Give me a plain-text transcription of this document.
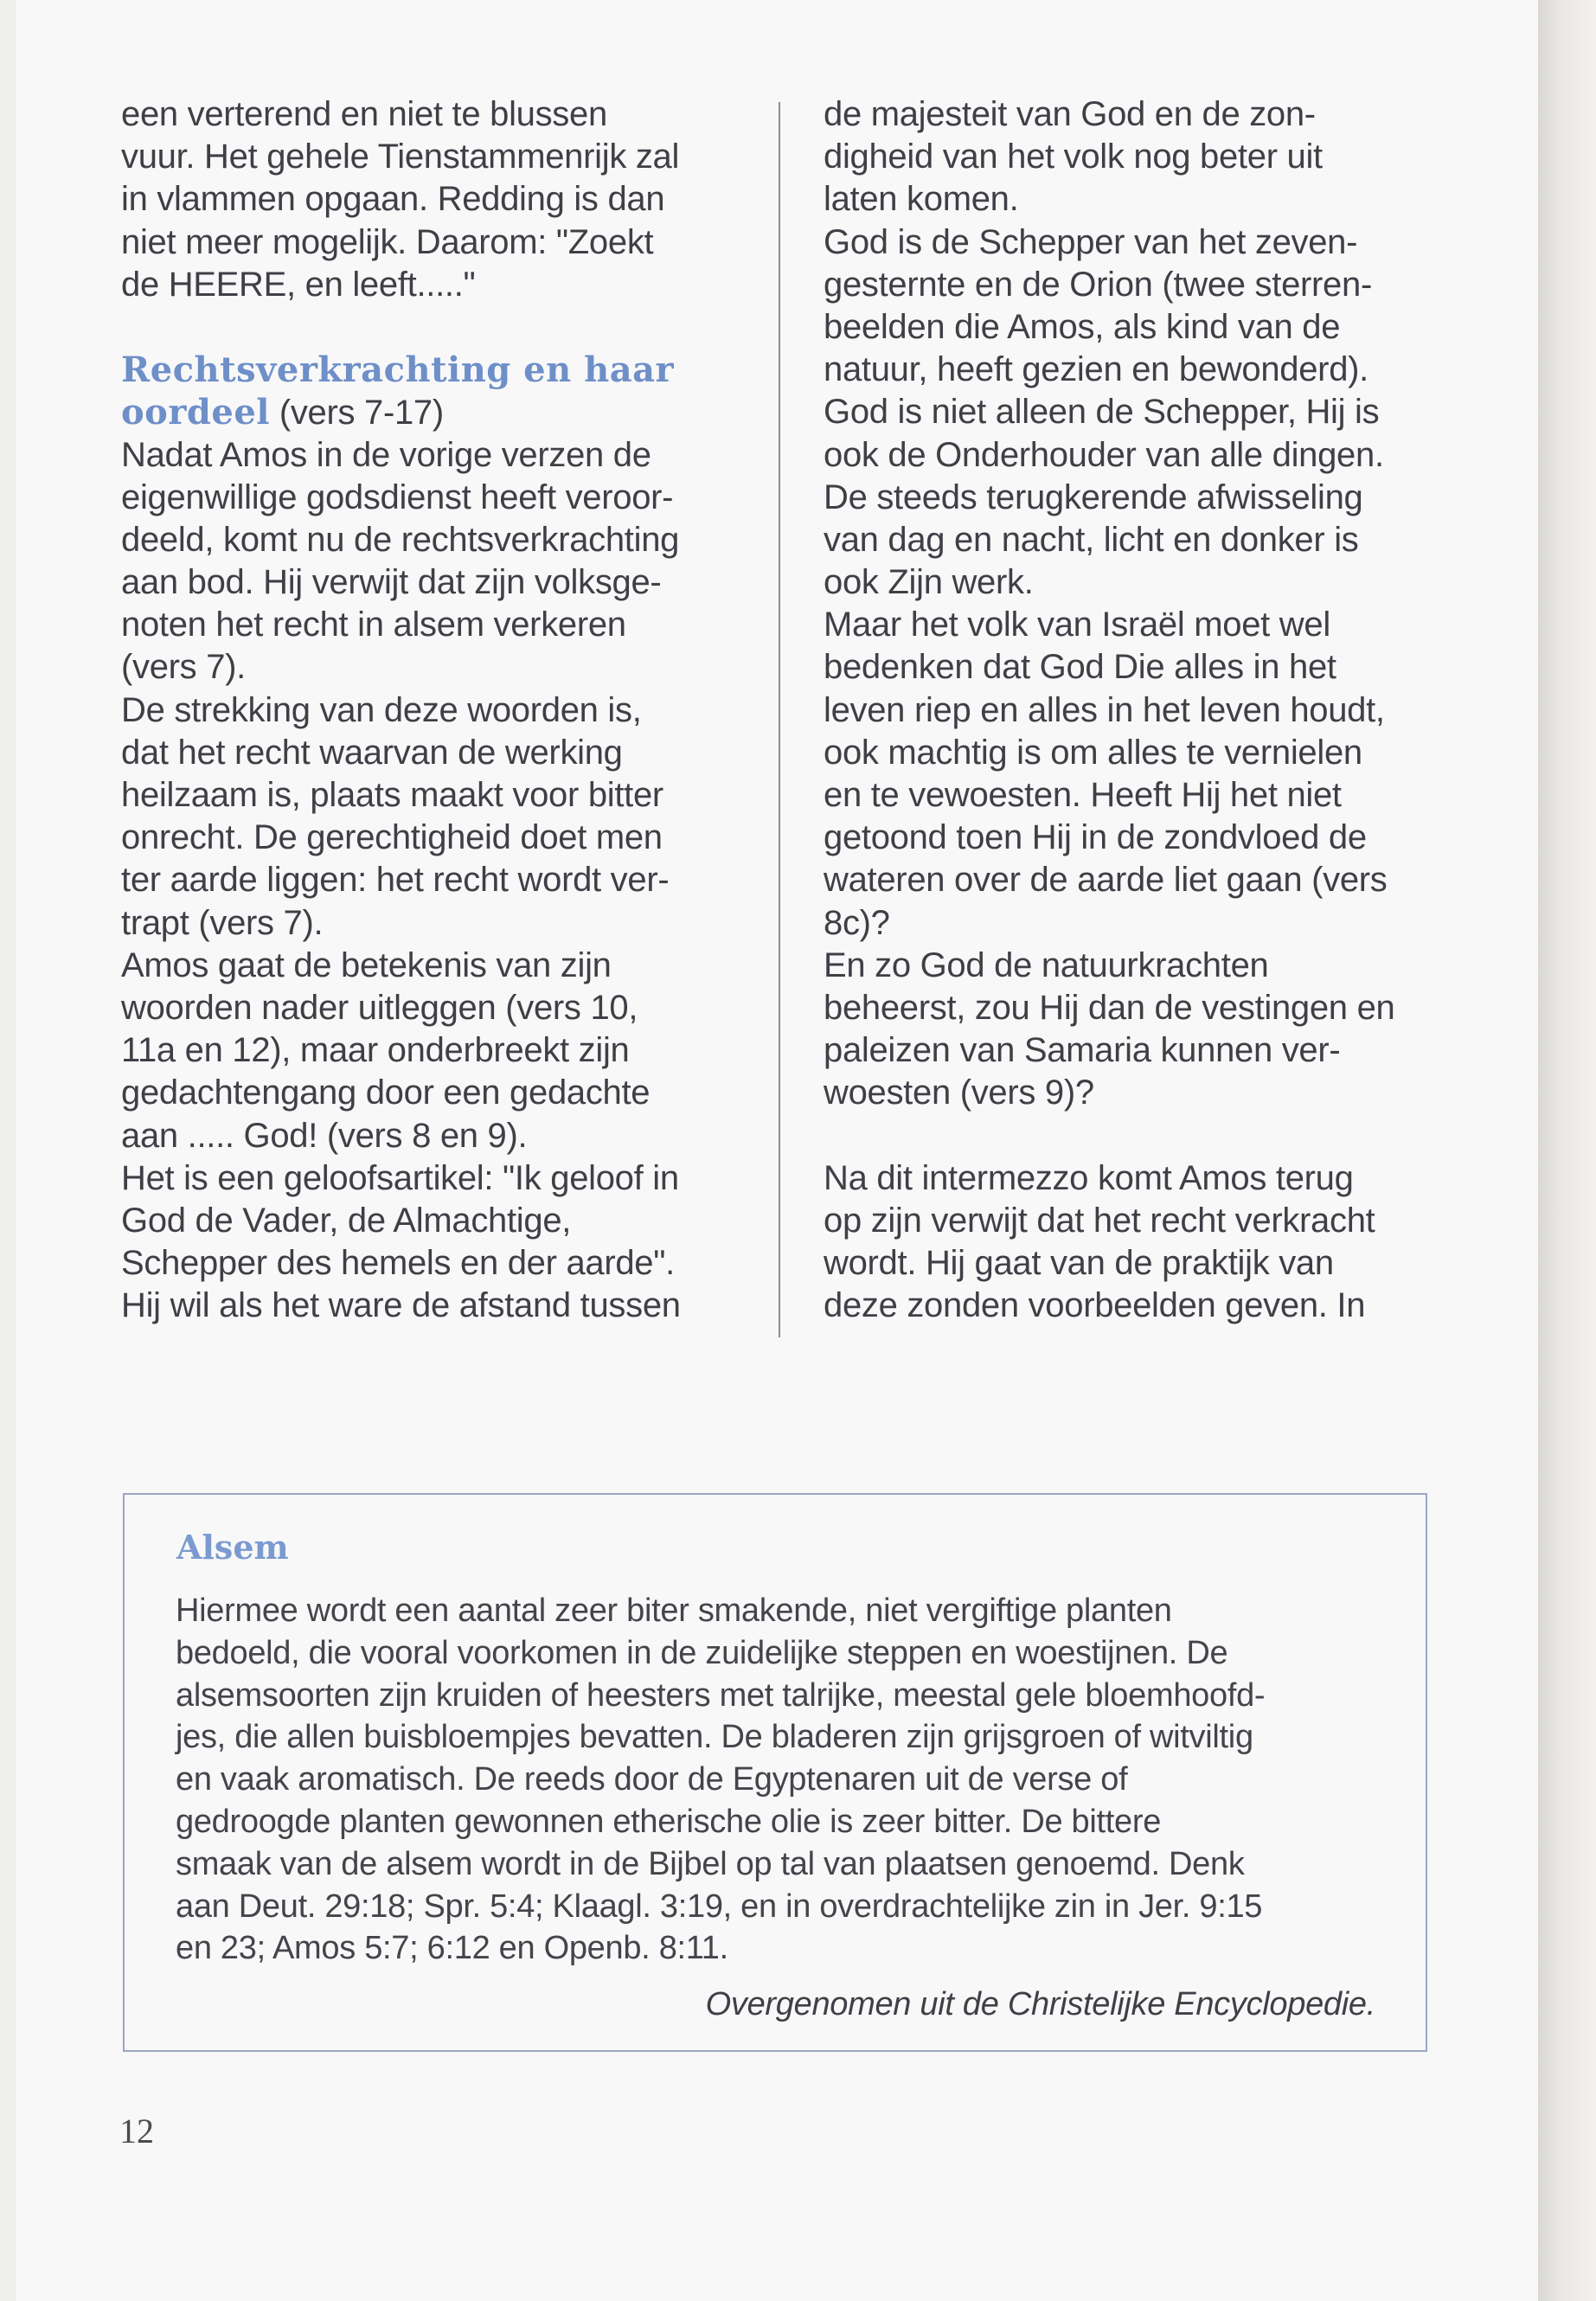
een verterend en niet te blussen
vuur. Het gehele Tienstammenrijk zal
in vlammen opgaan. Redding is dan
niet meer mogelijk. Daarom: "Zoekt
de HEERE, en leeft....."
Rechtsverkrachting en haar
oordeel (vers 7-17)
Nadat Amos in de vorige verzen de
eigenwillige godsdienst heeft veroor-
deeld, komt nu de rechtsverkrachting
aan bod. Hij verwijt dat zijn volksge-
noten het recht in alsem verkeren
(vers 7).
De strekking van deze woorden is,
dat het recht waarvan de werking
heilzaam is, plaats maakt voor bitter
onrecht. De gerechtigheid doet men
ter aarde liggen: het recht wordt ver-
trapt (vers 7).
Amos gaat de betekenis van zijn
woorden nader uitleggen (vers 10,
11a en 12), maar onderbreekt zijn
gedachtengang door een gedachte
aan ..... God! (vers 8 en 9).
Het is een geloofsartikel: "Ik geloof in
God de Vader, de Almachtige,
Schepper des hemels en der aarde".
Hij wil als het ware de afstand tussen
de majesteit van God en de zon-
digheid van het volk nog beter uit
laten komen.
God is de Schepper van het zeven-
gesternte en de Orion (twee sterren-
beelden die Amos, als kind van de
natuur, heeft gezien en bewonderd).
God is niet alleen de Schepper, Hij is
ook de Onderhouder van alle dingen.
De steeds terugkerende afwisseling
van dag en nacht, licht en donker is
ook Zijn werk.
Maar het volk van Israël moet wel
bedenken dat God Die alles in het
leven riep en alles in het leven houdt,
ook machtig is om alles te vernielen
en te vewoesten. Heeft Hij het niet
getoond toen Hij in de zondvloed de
wateren over de aarde liet gaan (vers
8c)?
En zo God de natuurkrachten
beheerst, zou Hij dan de vestingen en
paleizen van Samaria kunnen ver-
woesten (vers 9)?
Na dit intermezzo komt Amos terug
op zijn verwijt dat het recht verkracht
wordt. Hij gaat van de praktijk van
deze zonden voorbeelden geven. In
Alsem
Hiermee wordt een aantal zeer biter smakende, niet vergiftige planten
bedoeld, die vooral voorkomen in de zuidelijke steppen en woestijnen. De
alsemsoorten zijn kruiden of heesters met talrijke, meestal gele bloemhoofd-
jes, die allen buisbloempjes bevatten. De bladeren zijn grijsgroen of witviltig
en vaak aromatisch. De reeds door de Egyptenaren uit de verse of
gedroogde planten gewonnen etherische olie is zeer bitter. De bittere
smaak van de alsem wordt in de Bijbel op tal van plaatsen genoemd. Denk
aan Deut. 29:18; Spr. 5:4; Klaagl. 3:19, en in overdrachtelijke zin in Jer. 9:15
en 23; Amos 5:7; 6:12 en Openb. 8:11.
Overgenomen uit de Christelijke Encyclopedie.
12
